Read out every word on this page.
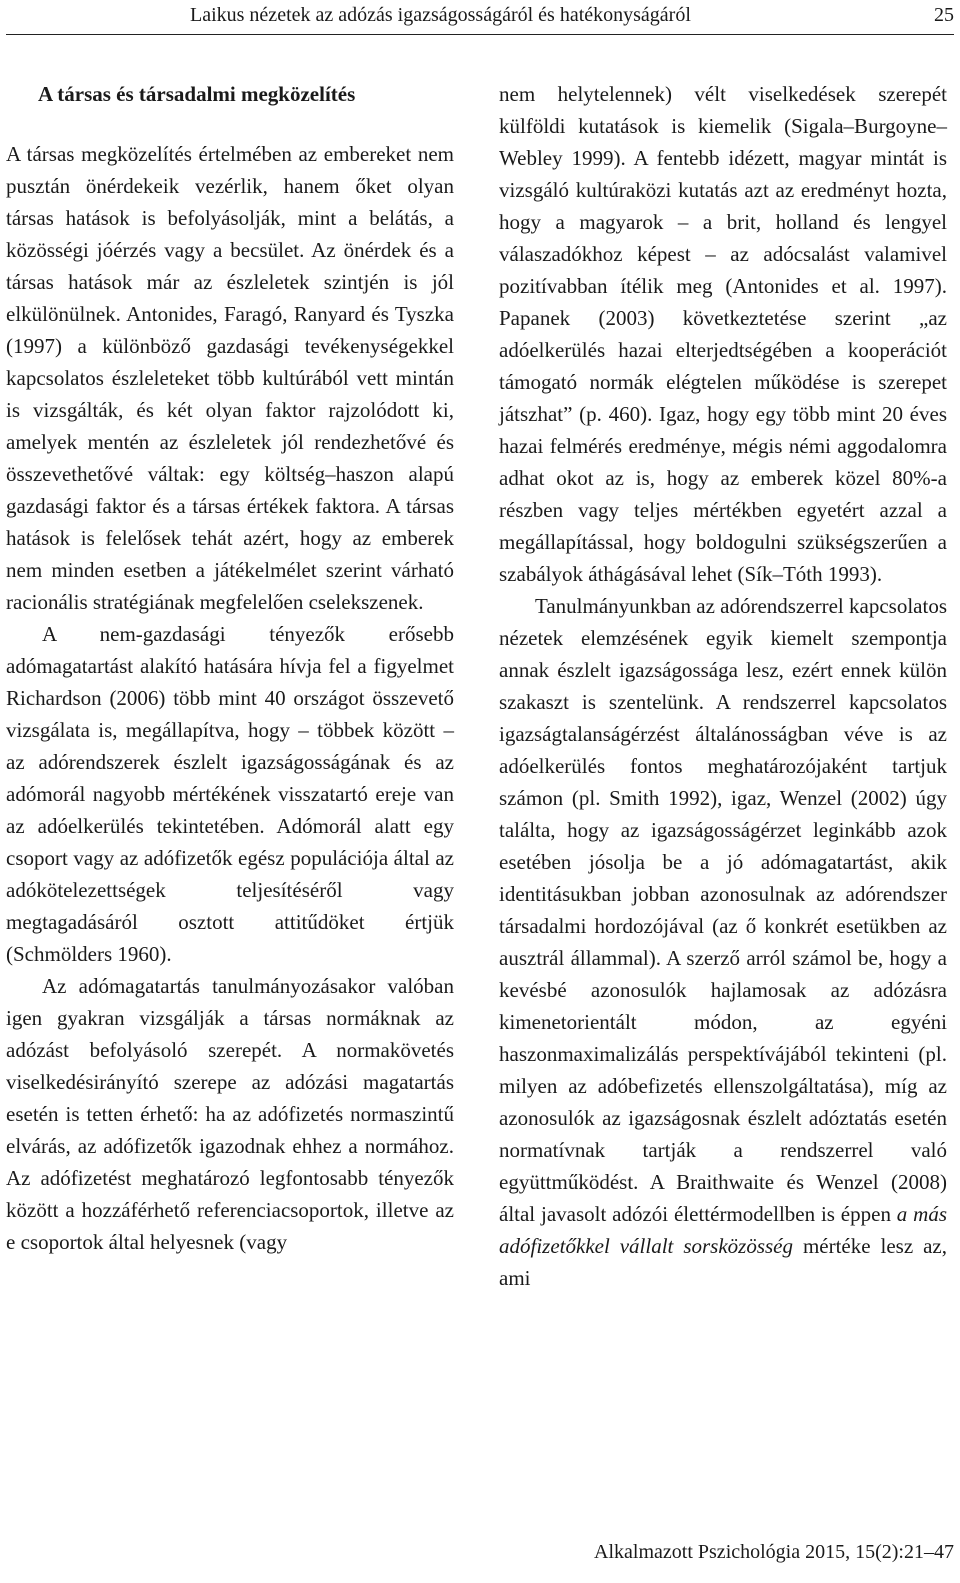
Laikus nézetek az adózás igazságosságáról és hatékonyságáról	25
A társas és társadalmi megközelítés

A társas megközelítés értelmében az embereket nem pusztán önérdekeik vezérlik, hanem őket olyan társas hatások is befolyásolják, mint a belátás, a közösségi jóérzés vagy a becsület. Az önérdek és a társas hatások már az észleletek szintjén is jól elkülönülnek. Antonides, Faragó, Ranyard és Tyszka (1997) a különböző gazdasági tevékenységekkel kapcsolatos észleleteket több kultúrából vett mintán is vizsgálták, és két olyan faktor rajzolódott ki, amelyek mentén az észleletek jól rendezhetővé és összevethetővé váltak: egy költség–haszon alapú gazdasági faktor és a társas értékek faktora. A társas hatások is felelősek tehát azért, hogy az emberek nem minden esetben a játékelmélet szerint várható racionális stratégiának megfelelően cselekszenek.

A nem-gazdasági tényezők erősebb adómagatartást alakító hatására hívja fel a figyelmet Richardson (2006) több mint 40 országot összevető vizsgálata is, megállapítva, hogy – többek között – az adórendszerek észlelt igazságosságának és az adómorál nagyobb mértékének visszatartó ereje van az adóelkerülés tekintetében. Adómorál alatt egy csoport vagy az adófizetők egész populációja által az adókötelezettségek teljesítéséről vagy megtagadásáról osztott attitűdöket értjük (Schmölders 1960).

Az adómagatartás tanulmányozásakor valóban igen gyakran vizsgálják a társas normáknak az adózást befolyásoló szerepét. A normakövetés viselkedésirányító szerepe az adózási magatartás esetén is tetten érhető: ha az adófizetés normaszintű elvárás, az adófizetők igazodnak ehhez a normához. Az adófizetést meghatározó legfontosabb tényezők között a hozzáférhető referenciacsoportok, illetve az e csoportok által helyesnek (vagy

nem helytelennek) vélt viselkedések szerepét külföldi kutatások is kiemelik (Sigala–Burgoyne–Webley 1999). A fentebb idézett, magyar mintát is vizsgáló kultúraközi kutatás azt az eredményt hozta, hogy a magyarok – a brit, holland és lengyel válaszadókhoz képest – az adócsalást valamivel pozitívabban ítélik meg (Antonides et al. 1997). Papanek (2003) következtetése szerint „az adóelkerülés hazai elterjedtségében a kooperációt támogató normák elégtelen működése is szerepet játszhat” (p. 460). Igaz, hogy egy több mint 20 éves hazai felmérés eredménye, mégis némi aggodalomra adhat okot az is, hogy az emberek közel 80%-a részben vagy teljes mértékben egyetért azzal a megállapítással, hogy boldogulni szükségszerűen a szabályok áthágásával lehet (Sík–Tóth 1993).

Tanulmányunkban az adórendszerrel kapcsolatos nézetek elemzésének egyik kiemelt szempontja annak észlelt igazságossága lesz, ezért ennek külön szakaszt is szentelünk. A rendszerrel kapcsolatos igazságtalanságérzést általánosságban véve is az adóelkerülés fontos meghatározójaként tartjuk számon (pl. Smith 1992), igaz, Wenzel (2002) úgy találta, hogy az igazságosságérzet leginkább azok esetében jósolja be a jó adómagatartást, akik identitásukban jobban azonosulnak az adórendszer társadalmi hordozójával (az ő konkrét esetükben az ausztrál állammal). A szerző arról számol be, hogy a kevésbé azonosulók hajlamosak az adózásra kimenetorientált módon, az egyéni haszonmaximalizálás perspektívájából tekinteni (pl. milyen az adóbefizetés ellenszolgáltatása), míg az azonosulók az igazságosnak észlelt adóztatás esetén normatívnak tartják a rendszerrel való együttműködést. A Braithwaite és Wenzel (2008) által javasolt adózói élettérmodellben is éppen a más adófizetőkkel vállalt sorsközösség mértéke lesz az, ami

Alkalmazott Pszichológia 2015, 15(2):21–47
